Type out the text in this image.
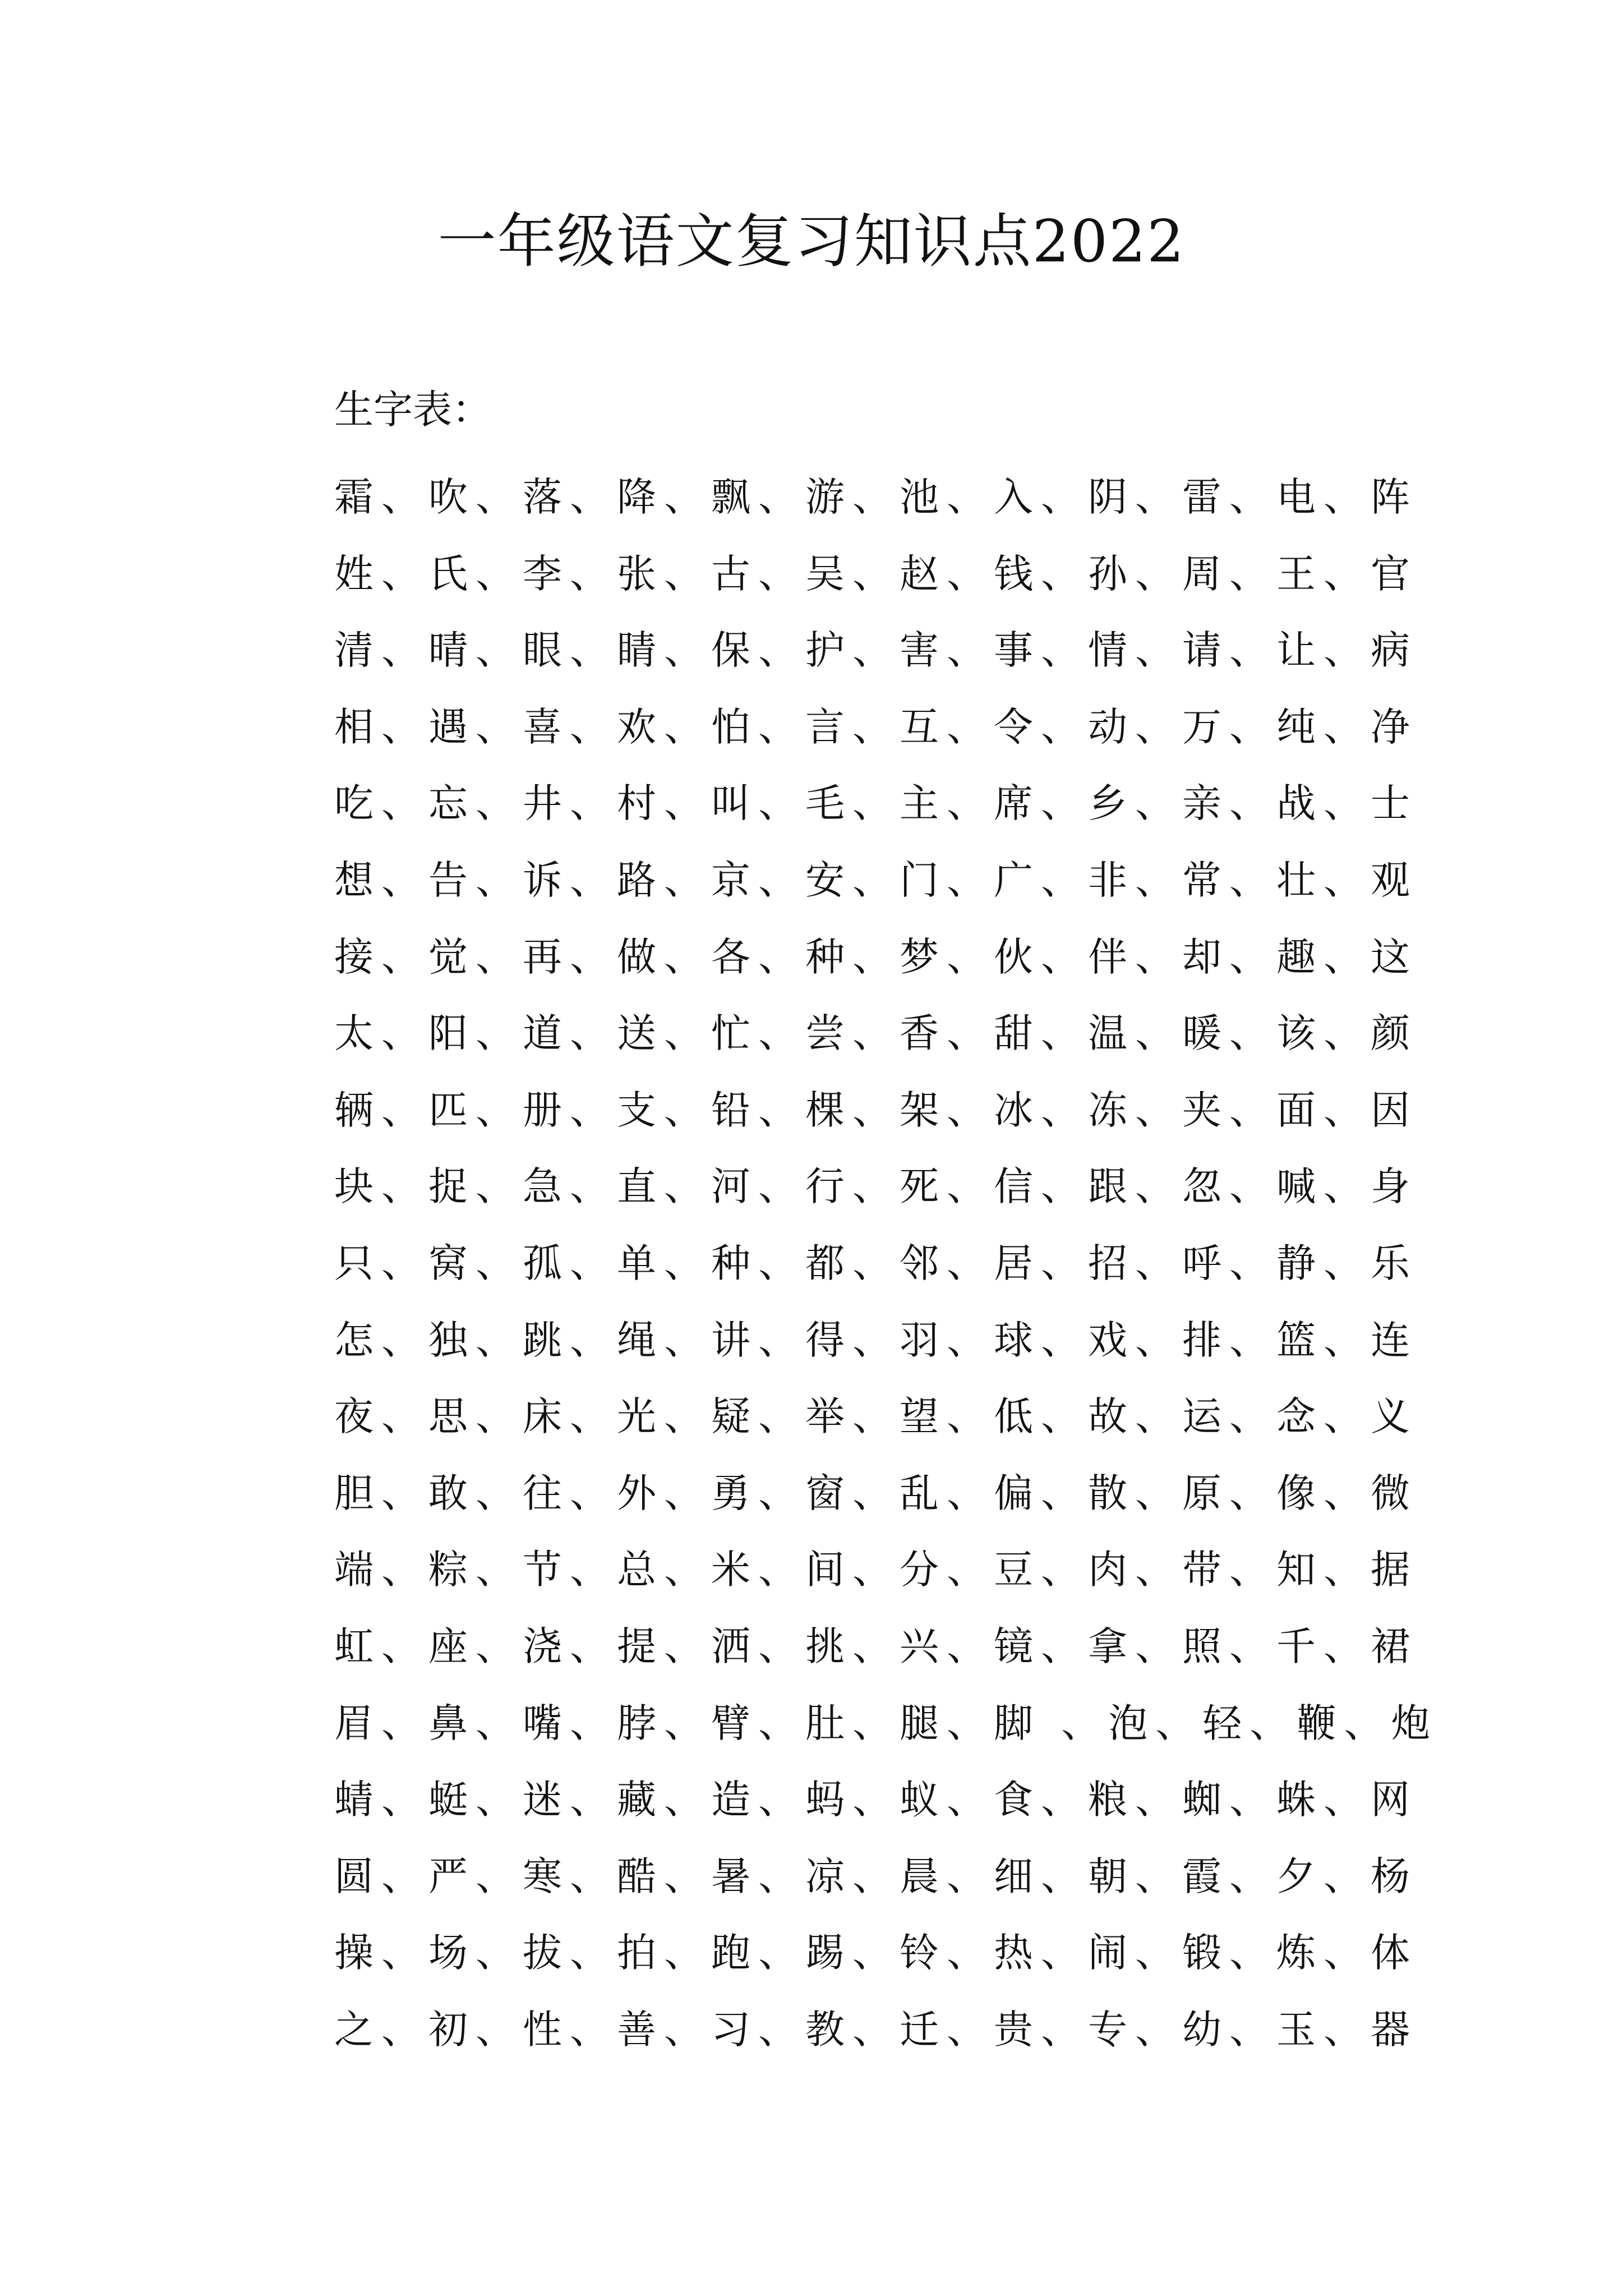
一年级语文复习知识点2022
生字表：
霜、吹、落、降、飘、游、池、入、阴、雷、电、阵
姓、氏、李、张、古、吴、赵、钱、孙、周、王、官
清、晴、眼、睛、保、护、害、事、情、请、让、病
相、遇、喜、欢、怕、言、互、令、动、万、纯、净
吃、忘、井、村、叫、毛、主、席、乡、亲、战、士
想、告、诉、路、京、安、门、广、非、常、壮、观
接、觉、再、做、各、种、梦、伙、伴、却、趣、这
太、阳、道、送、忙、尝、香、甜、温、暖、该、颜
辆、匹、册、支、铅、棵、架、冰、冻、夹、面、因
块、捉、急、直、河、行、死、信、跟、忽、喊、身
只、窝、孤、单、种、都、邻、居、招、呼、静、乐
怎、独、跳、绳、讲、得、羽、球、戏、排、篮、连
夜、思、床、光、疑、举、望、低、故、运、念、义
胆、敢、往、外、勇、窗、乱、偏、散、原、像、微
端、粽、节、总、米、间、分、豆、肉、带、知、据
虹、座、浇、提、洒、挑、兴、镜、拿、照、千、裙
眉、鼻、嘴、脖、臂、肚、腿、脚 、泡、轻、鞭、炮
蜻、蜓、迷、藏、造、蚂、蚁、食、粮、蜘、蛛、网
圆、严、寒、酷、暑、凉、晨、细、朝、霞、夕、杨
操、场、拔、拍、跑、踢、铃、热、闹、锻、炼、体
之、初、性、善、习、教、迁、贵、专、幼、玉、器
